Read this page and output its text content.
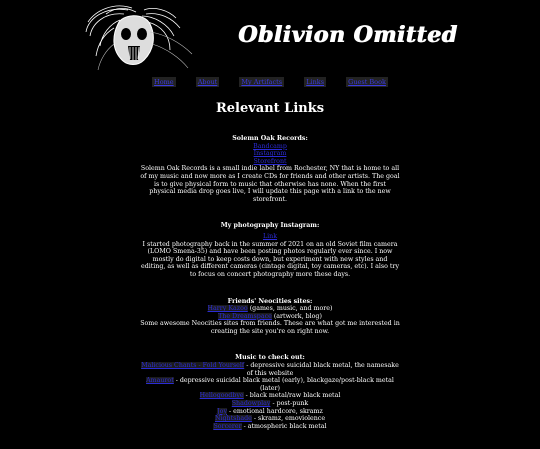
Oblivion Omitted
Home	About	My Artifacts	Links	Guest Book
Relevant Links
Solemn Oak Records:
Bandcamp
Instagram
Storefront
Solemn Oak Records is a small indie label from Rochester, NY that is home to all of my music and now more as I create CDs for friends and other artists. The goal is to give physical form to music that otherwise has none. When the first physical media drop goes live, I will update this page with a link to the new storefront.
My photography Instagram:
Link
I started photography back in the summer of 2021 on an old Soviet film camera (LOMO Smena-35) and have been posting photos regularly ever since. I now mostly do digital to keep costs down, but experiment with new styles and editing, as well as different cameras (cintage digital, toy cameras, etc). I also try to focus on concert photography more these days.
Friends' Neocities sites:
Harry Kazoo (games, music, and more)
The Dreamspace (artwork, blog)
Some awesome Neocities sites from friends. These are what got me interested in creating the site you're on right now.
Music to check out:
Malicious Chants - Fold Yourself - depressive suicidal black metal, the namesake of this website
Amaurot - depressive suicidal black metal (early), blackgaze/post-black metal (later)
Hellogoodbye - black metal/raw black metal
Shadowplay - post-punk
Joy - emotional hardcore, skramz
Nightshade - skramz, emoviolence
Sorcerer - atmospheric black metal
